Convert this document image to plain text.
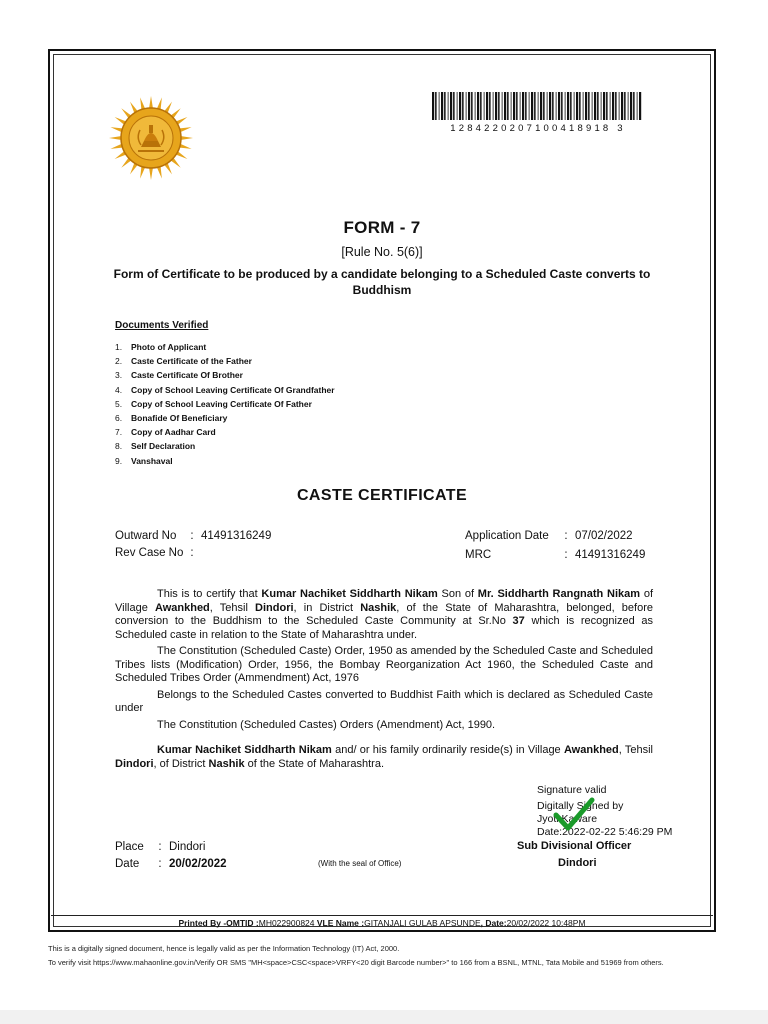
1284220207100418918 3
FORM - 7
[Rule No. 5(6)]
Form of Certificate to be produced by a candidate belonging to a Scheduled Caste converts to Buddhism
Documents Verified
1. Photo of Applicant
2. Caste Certificate of the Father
3. Caste Certificate Of Brother
4. Copy of School Leaving Certificate Of Grandfather
5. Copy of School Leaving Certificate Of Father
6. Bonafide Of Beneficiary
7. Copy of Aadhar Card
8. Self Declaration
9. Vanshaval
CASTE CERTIFICATE
Outward No : 41491316249
Rev Case No :
Application Date : 07/02/2022
MRC	: 41491316249

This is to certify that Kumar Nachiket Siddharth Nikam Son of Mr. Siddharth Rangnath Nikam of Village Awankhed, Tehsil Dindori, in District Nashik, of the State of Maharashtra, belonged, before conversion to the Buddhism to the Scheduled Caste Community at Sr.No 37 which is recognized as Scheduled caste in relation to the State of Maharashtra under.

The Constitution (Scheduled Caste) Order, 1950 as amended by the Scheduled Caste and Scheduled Tribes lists (Modification) Order, 1956, the Bombay Reorganization Act 1960, the Scheduled Caste and Scheduled Tribes Order (Ammendment) Act, 1976

Belongs to the Scheduled Castes converted to Buddhist Faith which is declared as Scheduled Caste under

The Constitution (Scheduled Castes) Orders (Amendment) Act, 1990.

Kumar Nachiket Siddharth Nikam and/ or his family ordinarily reside(s) in Village Awankhed, Tehsil Dindori, of District Nashik of the State of Maharashtra.

Signature valid
Digitally Signed by
Jyoti Kaware
Date:2022-02-22 5:46:29 PM
Place : Dindori
Date : 20/02/2022	(With the seal of Office)
Sub Divisional Officer
Dindori
Printed By -OMTID :MH022900824 VLE Name :GITANJALI GULAB APSUNDE, Date:20/02/2022 10:48PM
This is a digitally signed document, hence is legally valid as per the Information Technology (IT) Act, 2000.
To verify visit https://www.mahaonline.gov.in/Verify OR SMS "MH<space>CSC<space>VRFY<20 digit Barcode number>" to 166 from a BSNL, MTNL, Tata Mobile and 51969 from others.
